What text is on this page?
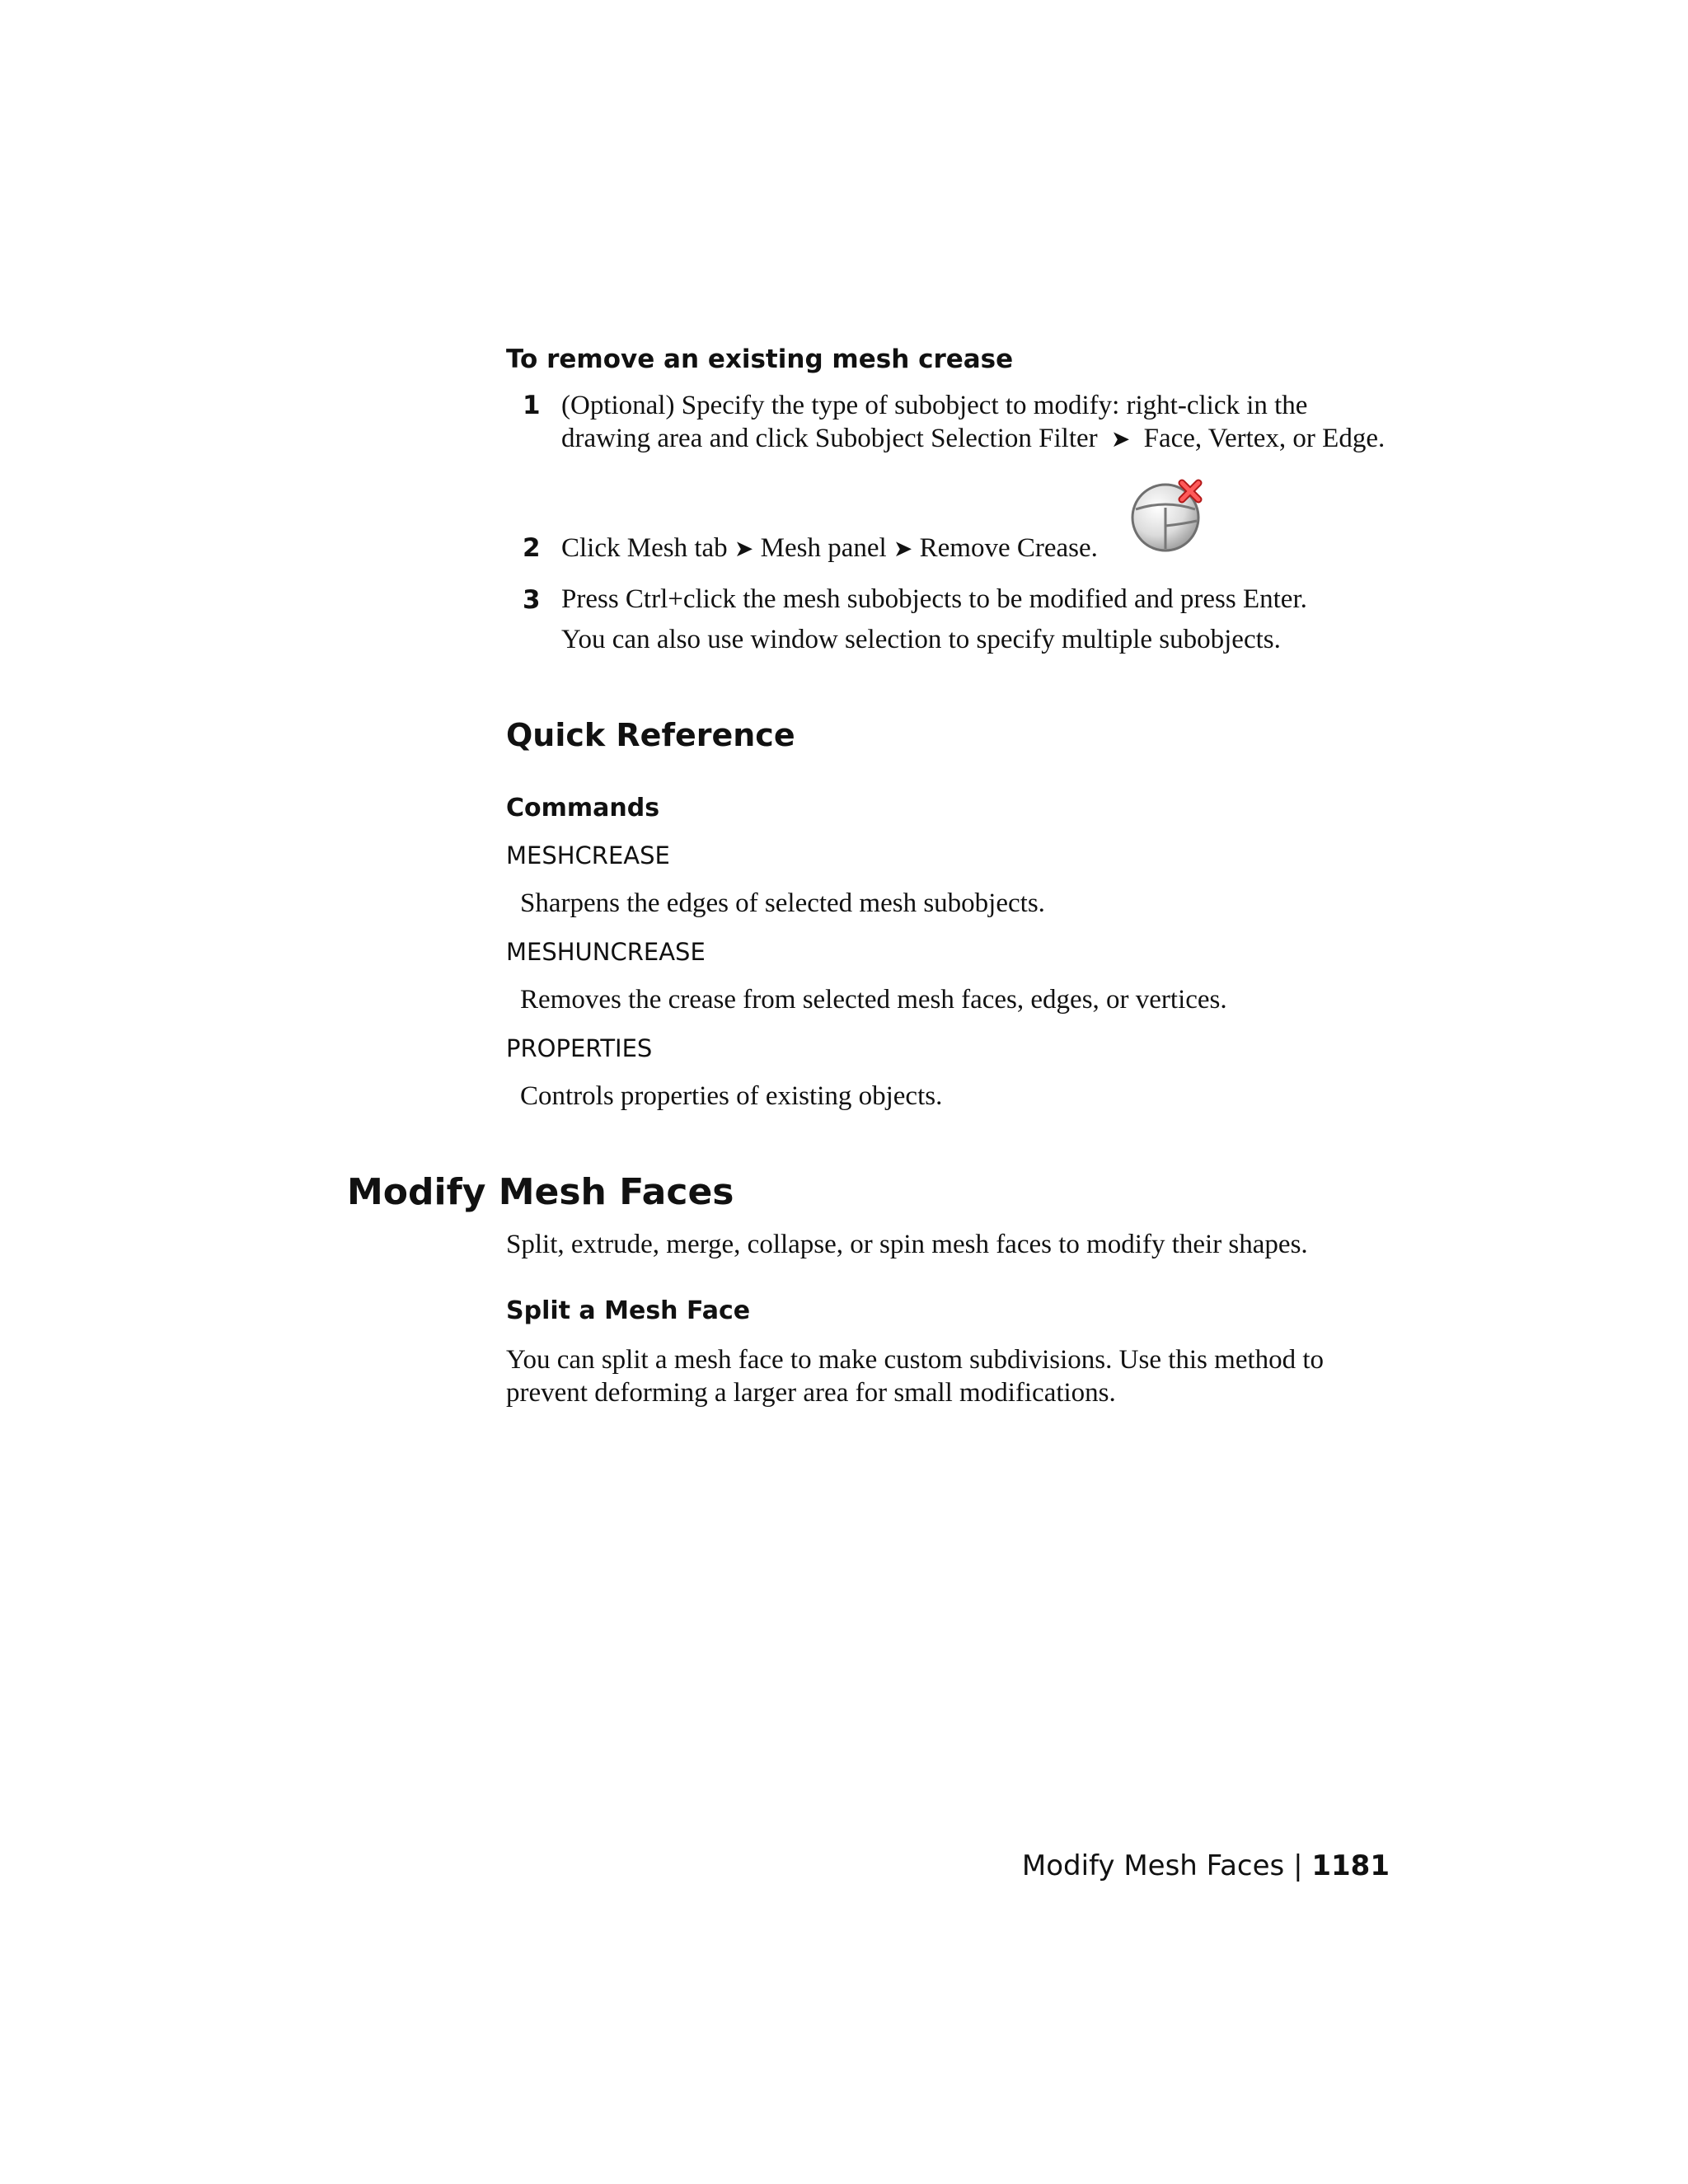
To remove an existing mesh crease
1 (Optional) Specify the type of subobject to modify: right-click in the
drawing area and click Subobject Selection Filter ➤ Face, Vertex, or Edge.
2 Click Mesh tab ➤ Mesh panel ➤ Remove Crease.
3 Press Ctrl+click the mesh subobjects to be modified and press Enter.
You can also use window selection to specify multiple subobjects.
Quick Reference
Commands
MESHCREASE
Sharpens the edges of selected mesh subobjects.
MESHUNCREASE
Removes the crease from selected mesh faces, edges, or vertices.
PROPERTIES
Controls properties of existing objects.
Modify Mesh Faces
Split, extrude, merge, collapse, or spin mesh faces to modify their shapes.
Split a Mesh Face
You can split a mesh face to make custom subdivisions. Use this method to
prevent deforming a larger area for small modifications.
Modify Mesh Faces | 1181
